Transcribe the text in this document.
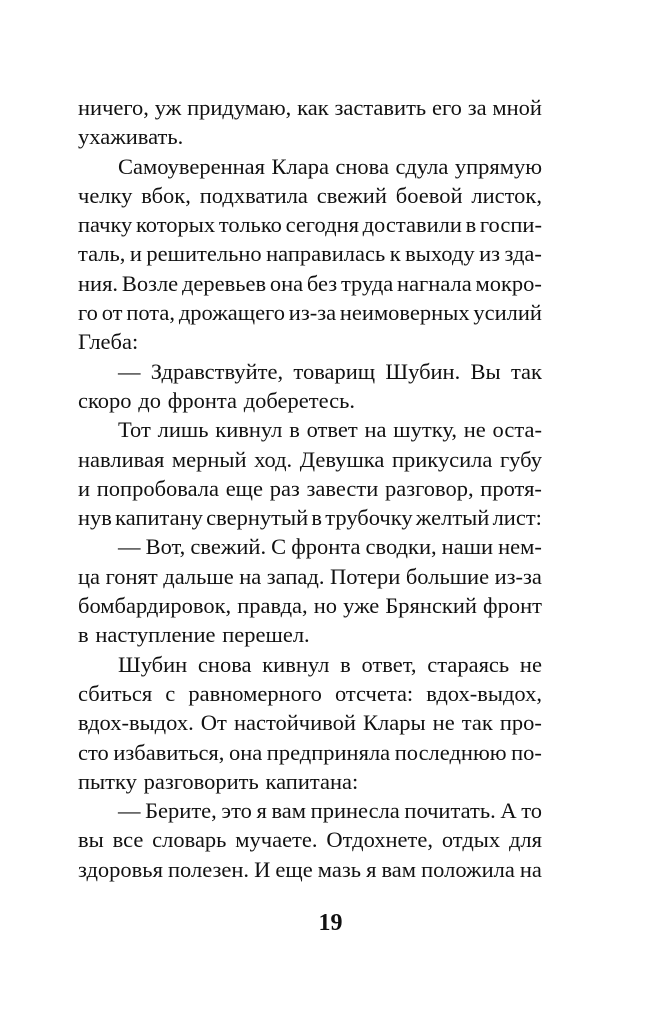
ничего, уж придумаю, как заставить его за мной
ухаживать.
Самоуверенная Клара снова сдула упрямую
челку вбок, подхватила свежий боевой листок,
пачку которых только сегодня доставили в госпи-
таль, и решительно направилась к выходу из зда-
ния. Возле деревьев она без труда нагнала мокро-
го от пота, дрожащего из-за неимоверных усилий
Глеба:
— Здравствуйте, товарищ Шубин. Вы так
скоро до фронта доберетесь.
Тот лишь кивнул в ответ на шутку, не оста-
навливая мерный ход. Девушка прикусила губу
и попробовала еще раз завести разговор, протя-
нув капитану свернутый в трубочку желтый лист:
— Вот, свежий. С фронта сводки, наши нем-
ца гонят дальше на запад. Потери большие из-за
бомбардировок, правда, но уже Брянский фронт
в наступление перешел.
Шубин снова кивнул в ответ, стараясь не
сбиться с равномерного отсчета: вдох-выдох,
вдох-выдох. От настойчивой Клары не так про-
сто избавиться, она предприняла последнюю по-
пытку разговорить капитана:
— Берите, это я вам принесла почитать. А то
вы все словарь мучаете. Отдохнете, отдых для
здоровья полезен. И еще мазь я вам положила на
19
